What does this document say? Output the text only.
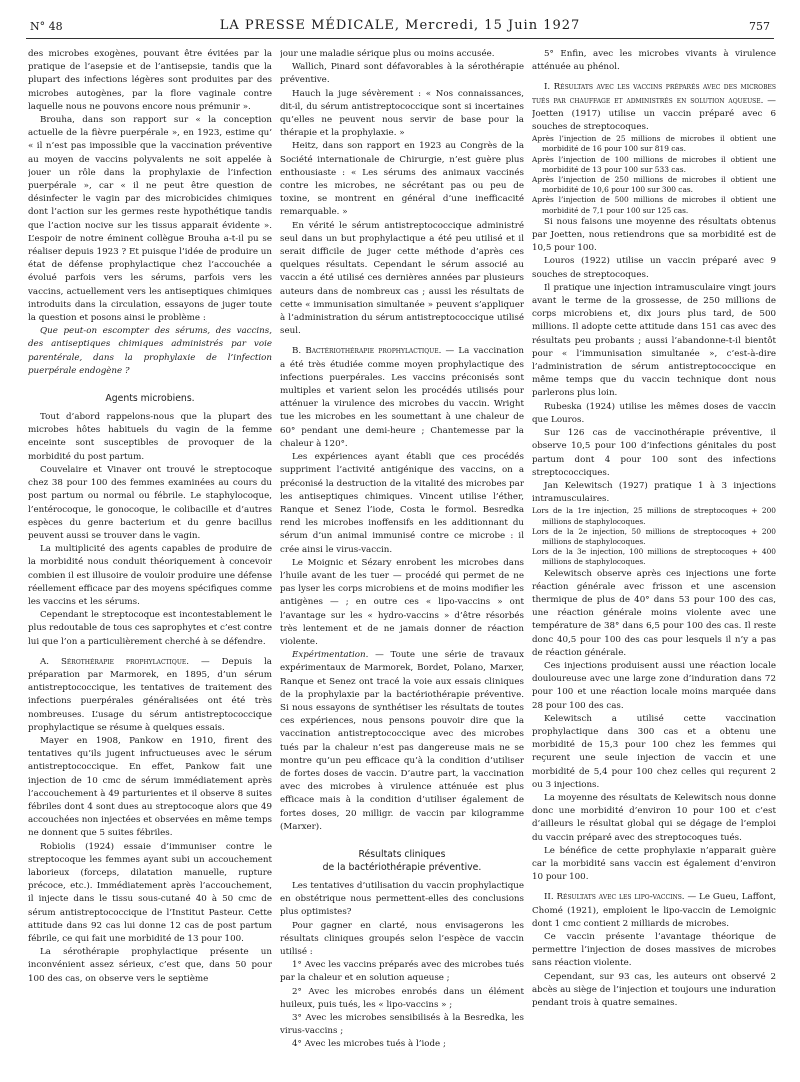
N° 48	LA PRESSE MÉDICALE, Mercredi, 15 Juin 1927	757

des microbes exogènes, pouvant être évitées par la pratique de l’asepsie et de l’antisepsie, tandis que la plupart des infections légères sont produites par des microbes autogènes, par la flore vaginale contre laquelle nous ne pouvons encore nous prémunir ».

Brouha, dans son rapport sur « la conception actuelle de la fièvre puerpérale », en 1923, estime qu’ « il n’est pas impossible que la vaccination préventive au moyen de vaccins polyvalents ne soit appelée à jouer un rôle dans la prophylaxie de l’infection puerpérale », car « il ne peut être question de désinfecter le vagin par des microbicides chimiques dont l’action sur les germes reste hypothétique tandis que l’action nocive sur les tissus apparait évidente ». L’espoir de notre éminent collègue Brouha a-t-il pu se réaliser depuis 1923 ? Et puisque l’idée de produire un état de défense prophylactique chez l’accouchée a évolué parfois vers les sérums, parfois vers les vaccins, actuellement vers les antiseptiques chimiques introduits dans la circulation, essayons de juger toute la question et posons ainsi le problème :

Que peut-on escompter des sérums, des vaccins, des antiseptiques chimiques administrés par voie parentérale, dans la prophylaxie de l’infection puerpérale endogène ?

Agents microbiens.

Tout d’abord rappelons-nous que la plupart des microbes hôtes habituels du vagin de la femme enceinte sont susceptibles de provoquer de la morbidité du post partum.

Couvelaire et Vinaver ont trouvé le streptocoque chez 38 pour 100 des femmes examinées au cours du post partum ou normal ou fébrile. Le staphylocoque, l’entérocoque, le gonocoque, le colibacille et d’autres espèces du genre bacterium et du genre bacillus peuvent aussi se trouver dans le vagin.

La multiplicité des agents capables de produire de la morbidité nous conduit théoriquement à concevoir combien il est illusoire de vouloir produire une défense réellement efficace par des moyens spécifiques comme les vaccins et les sérums.

Cependant le streptocoque est incontestablement le plus redoutable de tous ces saprophytes et c’est contre lui que l’on a particulièrement cherché à se défendre.

A. Sérothérapie prophylactique. — Depuis la préparation par Marmorek, en 1895, d’un sérum antistreptococcique, les tentatives de traitement des infections puerpérales généralisées ont été très nombreuses. L’usage du sérum antistreptococcique prophylactique se résume à quelques essais.

Mayer en 1908, Pankow en 1910, firent des tentatives qu’ils jugent infructueuses avec le sérum antistreptococcique. En effet, Pankow fait une injection de 10 cmc de sérum immédiatement après l’accouchement à 49 parturientes et il observe 8 suites fébriles dont 4 sont dues au streptocoque alors que 49 accouchées non injectées et observées en même temps ne donnent que 5 suites fébriles.

Robiolis (1924) essaie d’immuniser contre le streptocoque les femmes ayant subi un accouchement laborieux (forceps, dilatation manuelle, rupture précoce, etc.). Immédiatement après l’accouchement, il injecte dans le tissu sous-cutané 40 à 50 cmc de sérum antistreptococcique de l’Institut Pasteur. Cette attitude dans 92 cas lui donne 12 cas de post partum fébrile, ce qui fait une morbidité de 13 pour 100.

La sérothérapie prophylactique présente un inconvénient assez sérieux, c’est que, dans 50 pour 100 des cas, on observe vers le septième

jour une maladie sérique plus ou moins accusée.

Wallich, Pinard sont défavorables à la sérothérapie préventive.

Hauch la juge sévèrement : « Nos connaissances, dit-il, du sérum antistreptococcique sont si incertaines qu’elles ne peuvent nous servir de base pour la thérapie et la prophylaxie. »

Heitz, dans son rapport en 1923 au Congrès de la Société internationale de Chirurgie, n’est guère plus enthousiaste : « Les sérums des animaux vaccinés contre les microbes, ne sécrétant pas ou peu de toxine, se montrent en général d’une inefficacité remarquable. »

En vérité le sérum antistreptococcique administré seul dans un but prophylactique a été peu utilisé et il serait difficile de juger cette méthode d’après ces quelques résultats. Cependant le sérum associé au vaccin a été utilisé ces dernières années par plusieurs auteurs dans de nombreux cas ; aussi les résultats de cette « immunisation simultanée » peuvent s’appliquer à l’administration du sérum antistreptococcique utilisé seul.

B. Bactériothérapie prophylactique. — La vaccination a été très étudiée comme moyen prophylactique des infections puerpérales. Les vaccins préconisés sont multiples et varient selon les procédés utilisés pour atténuer la virulence des microbes du vaccin. Wright tue les microbes en les soumettant à une chaleur de 60° pendant une demi-heure ; Chantemesse par la chaleur à 120°.

Les expériences ayant établi que ces procédés suppriment l’activité antigénique des vaccins, on a préconisé la destruction de la vitalité des microbes par les antiseptiques chimiques. Vincent utilise l’éther, Ranque et Senez l’iode, Costa le formol. Besredka rend les microbes inoffensifs en les additionnant du sérum d’un animal immunisé contre ce microbe : il crée ainsi le virus-vaccin.

Le Moignic et Sézary enrobent les microbes dans l’huile avant de les tuer — procédé qui permet de ne pas lyser les corps microbiens et de moins modifier les antigènes — ; en outre ces « lipo-vaccins » ont l’avantage sur les « hydro-vaccins » d’être résorbés très lentement et de ne jamais donner de réaction violente.

Expérimentation. — Toute une série de travaux expérimentaux de Marmorek, Bordet, Polano, Marxer, Ranque et Senez ont tracé la voie aux essais cliniques de la prophylaxie par la bactériothérapie préventive. Si nous essayons de synthétiser les résultats de toutes ces expériences, nous pensons pouvoir dire que la vaccination antistreptococcique avec des microbes tués par la chaleur n’est pas dangereuse mais ne se montre qu’un peu efficace qu’à la condition d’utiliser de fortes doses de vaccin. D’autre part, la vaccination avec des microbes à virulence atténuée est plus efficace mais à la condition d’utiliser également de fortes doses, 20 milligr. de vaccin par kilogramme (Marxer).

Résultats cliniques
de la bactériothérapie préventive.

Les tentatives d’utilisation du vaccin prophylactique en obstétrique nous permettent-elles des conclusions plus optimistes?

Pour gagner en clarté, nous envisagerons les résultats cliniques groupés selon l’espèce de vaccin utilisé :

1° Avec les vaccins préparés avec des microbes tués par la chaleur et en solution aqueuse ;

2° Avec les microbes enrobés dans un élément huileux, puis tués, les « lipo-vaccins » ;

3° Avec les microbes sensibilisés à la Besredka, les virus-vaccins ;

4° Avec les microbes tués à l’iode ;

5° Enfin, avec les microbes vivants à virulence atténuée au phénol.

I. Résultats avec les vaccins préparés avec des microbes tués par chauffage et administrés en solution aqueuse. — Joetten (1917) utilise un vaccin préparé avec 6 souches de streptocoques.

Après l’injection de 25 millions de microbes il obtient une morbidité de 16 pour 100 sur 819 cas.
Après l’injection de 100 millions de microbes il obtient une morbidité de 13 pour 100 sur 533 cas.
Après l’injection de 250 millions de microbes il obtient une morbidité de 10,6 pour 100 sur 300 cas.
Après l’injection de 500 millions de microbes il obtient une morbidité de 7,1 pour 100 sur 125 cas.

Si nous faisons une moyenne des résultats obtenus par Joetten, nous retiendrons que sa morbidité est de 10,5 pour 100.

Louros (1922) utilise un vaccin préparé avec 9 souches de streptocoques.

Il pratique une injection intramusculaire vingt jours avant le terme de la grossesse, de 250 millions de corps microbiens et, dix jours plus tard, de 500 millions. Il adopte cette attitude dans 151 cas avec des résultats peu probants ; aussi l’abandonne-t-il bientôt pour « l’immunisation simultanée », c’est-à-dire l’administration de sérum antistreptococcique en même temps que du vaccin technique dont nous parlerons plus loin.

Rubeska (1924) utilise les mêmes doses de vaccin que Louros.

Sur 126 cas de vaccinothérapie préventive, il observe 10,5 pour 100 d’infections génitales du post partum dont 4 pour 100 sont des infections streptococciques.

Jan Kelewitsch (1927) pratique 1 à 3 injections intramusculaires.

Lors de la 1re injection, 25 millions de streptocoques + 200 millions de staphylocoques.
Lors de la 2e injection, 50 millions de streptocoques + 200 millions de staphylocoques.
Lors de la 3e injection, 100 millions de streptocoques + 400 millions de staphylocoques.

Kelewitsch observe après ces injections une forte réaction générale avec frisson et une ascension thermique de plus de 40° dans 53 pour 100 des cas, une réaction générale moins violente avec une température de 38° dans 6,5 pour 100 des cas. Il reste donc 40,5 pour 100 des cas pour lesquels il n’y a pas de réaction générale.

Ces injections produisent aussi une réaction locale douloureuse avec une large zone d’induration dans 72 pour 100 et une réaction locale moins marquée dans 28 pour 100 des cas.

Kelewitsch a utilisé cette vaccination prophylactique dans 300 cas et a obtenu une morbidité de 15,3 pour 100 chez les femmes qui reçurent une seule injection de vaccin et une morbidité de 5,4 pour 100 chez celles qui reçurent 2 ou 3 injections.

La moyenne des résultats de Kelewitsch nous donne donc une morbidité d’environ 10 pour 100 et c’est d’ailleurs le résultat global qui se dégage de l’emploi du vaccin préparé avec des streptocoques tués.

Le bénéfice de cette prophylaxie n’apparait guère car la morbidité sans vaccin est également d’environ 10 pour 100.

II. Résultats avec les lipo-vaccins. — Le Gueu, Laffont, Chomé (1921), emploient le lipo-vaccin de Lemoignic dont 1 cmc contient 2 milliards de microbes.

Ce vaccin présente l’avantage théorique de permettre l’injection de doses massives de microbes sans réaction violente.

Cependant, sur 93 cas, les auteurs ont observé 2 abcès au siège de l’injection et toujours une induration pendant trois à quatre semaines.
